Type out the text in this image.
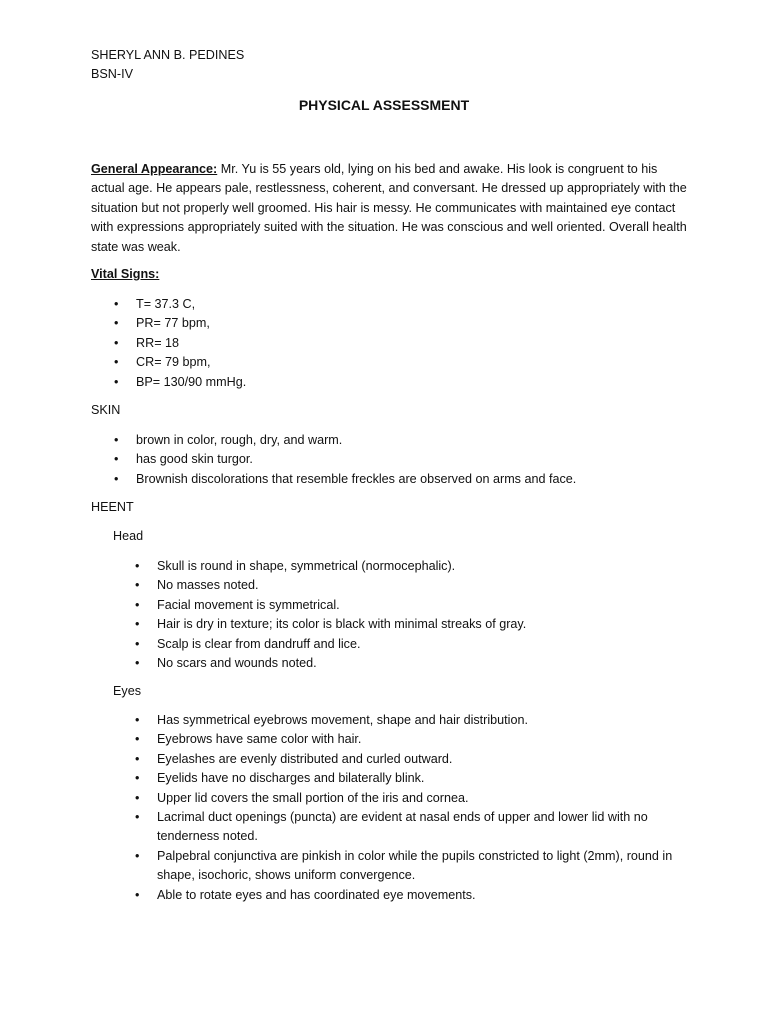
SHERYL ANN B. PEDINES

BSN-IV

PHYSICAL ASSESSMENT

General Appearance: Mr. Yu is 55 years old, lying on his bed and awake. His look is congruent to his actual age. He appears pale, restlessness, coherent, and conversant. He dressed up appropriately with the situation but not properly well groomed. His hair is messy. He communicates with maintained eye contact with expressions appropriately suited with the situation. He was conscious and well oriented. Overall health state was weak.

Vital Signs:

• T= 37.3 C,
• PR= 77 bpm,
• RR= 18
• CR= 79 bpm,
• BP= 130/90 mmHg.

SKIN

• brown in color, rough, dry, and warm.
• has good skin turgor.
• Brownish discolorations that resemble freckles are observed on arms and face.

HEENT

Head

• Skull is round in shape, symmetrical (normocephalic).
• No masses noted.
• Facial movement is symmetrical.
• Hair is dry in texture; its color is black with minimal streaks of gray.
• Scalp is clear from dandruff and lice.
• No scars and wounds noted.

Eyes

• Has symmetrical eyebrows movement, shape and hair distribution.
• Eyebrows have same color with hair.
• Eyelashes are evenly distributed and curled outward.
• Eyelids have no discharges and bilaterally blink.
• Upper lid covers the small portion of the iris and cornea.
• Lacrimal duct openings (puncta) are evident at nasal ends of upper and lower lid with no tenderness noted.
• Palpebral conjunctiva are pinkish in color while the pupils constricted to light (2mm), round in shape, isochoric, shows uniform convergence.
• Able to rotate eyes and has coordinated eye movements.
